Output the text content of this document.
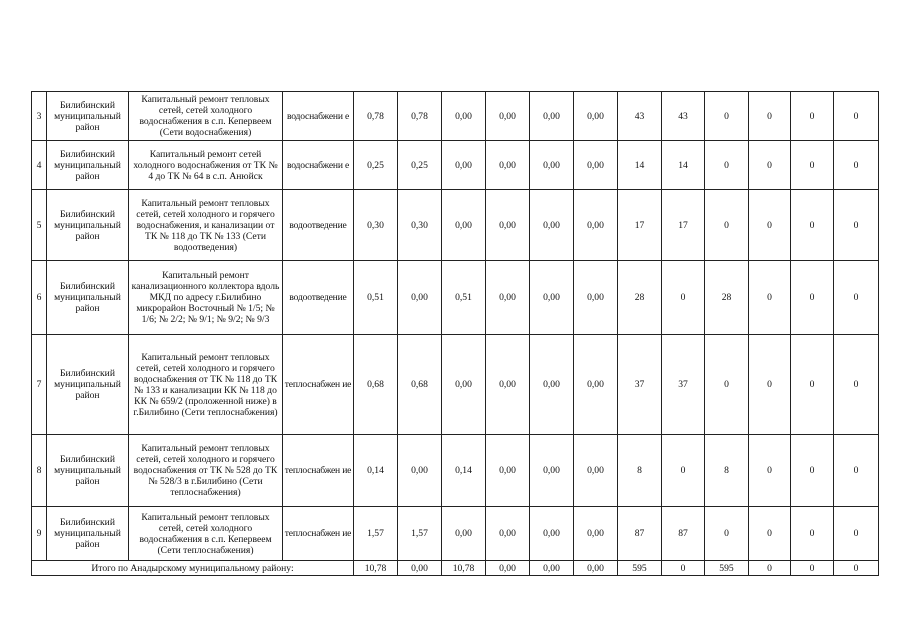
3	Билибинский муниципальный район	Капитальный ремонт тепловых сетей, сетей холодного водоснабжения в с.п. Кепервеем (Сети водоснабжения)	водоснабжени е	0,78	0,78	0,00	0,00	0,00	0,00	43	43	0	0	0	0
4	Билибинский муниципальный район	Капитальный ремонт сетей холодного водоснабжения от ТК № 4 до ТК № 64 в с.п. Анюйск	водоснабжени е	0,25	0,25	0,00	0,00	0,00	0,00	14	14	0	0	0	0
5	Билибинский муниципальный район	Капитальный ремонт тепловых сетей, сетей холодного и горячего водоснабжения, и канализации от ТК № 118 до ТК № 133 (Сети водоотведения)	водоотведение	0,30	0,30	0,00	0,00	0,00	0,00	17	17	0	0	0	0
6	Билибинский муниципальный район	Капитальный ремонт канализационного коллектора вдоль МКД по адресу г.Билибино микрорайон Восточный № 1/5; № 1/6; № 2/2; № 9/1; № 9/2; № 9/3	водоотведение	0,51	0,00	0,51	0,00	0,00	0,00	28	0	28	0	0	0
7	Билибинский муниципальный район	Капитальный ремонт тепловых сетей, сетей холодного и горячего водоснабжения от ТК № 118 до ТК № 133 и канализации КК № 118 до КК № 659/2 (проложенной ниже) в г.Билибино (Сети теплоснабжения)	теплоснабжен ие	0,68	0,68	0,00	0,00	0,00	0,00	37	37	0	0	0	0
8	Билибинский муниципальный район	Капитальный ремонт тепловых сетей, сетей холодного и горячего водоснабжения от ТК № 528 до ТК № 528/3 в г.Билибино (Сети теплоснабжения)	теплоснабжен ие	0,14	0,00	0,14	0,00	0,00	0,00	8	0	8	0	0	0
9	Билибинский муниципальный район	Капитальный ремонт тепловых сетей, сетей холодного водоснабжения в с.п. Кепервеем (Сети теплоснабжения)	теплоснабжен ие	1,57	1,57	0,00	0,00	0,00	0,00	87	87	0	0	0	0
Итого по Анадырскому муниципальному району:				10,78	0,00	10,78	0,00	0,00	0,00	595	0	595	0	0	0
